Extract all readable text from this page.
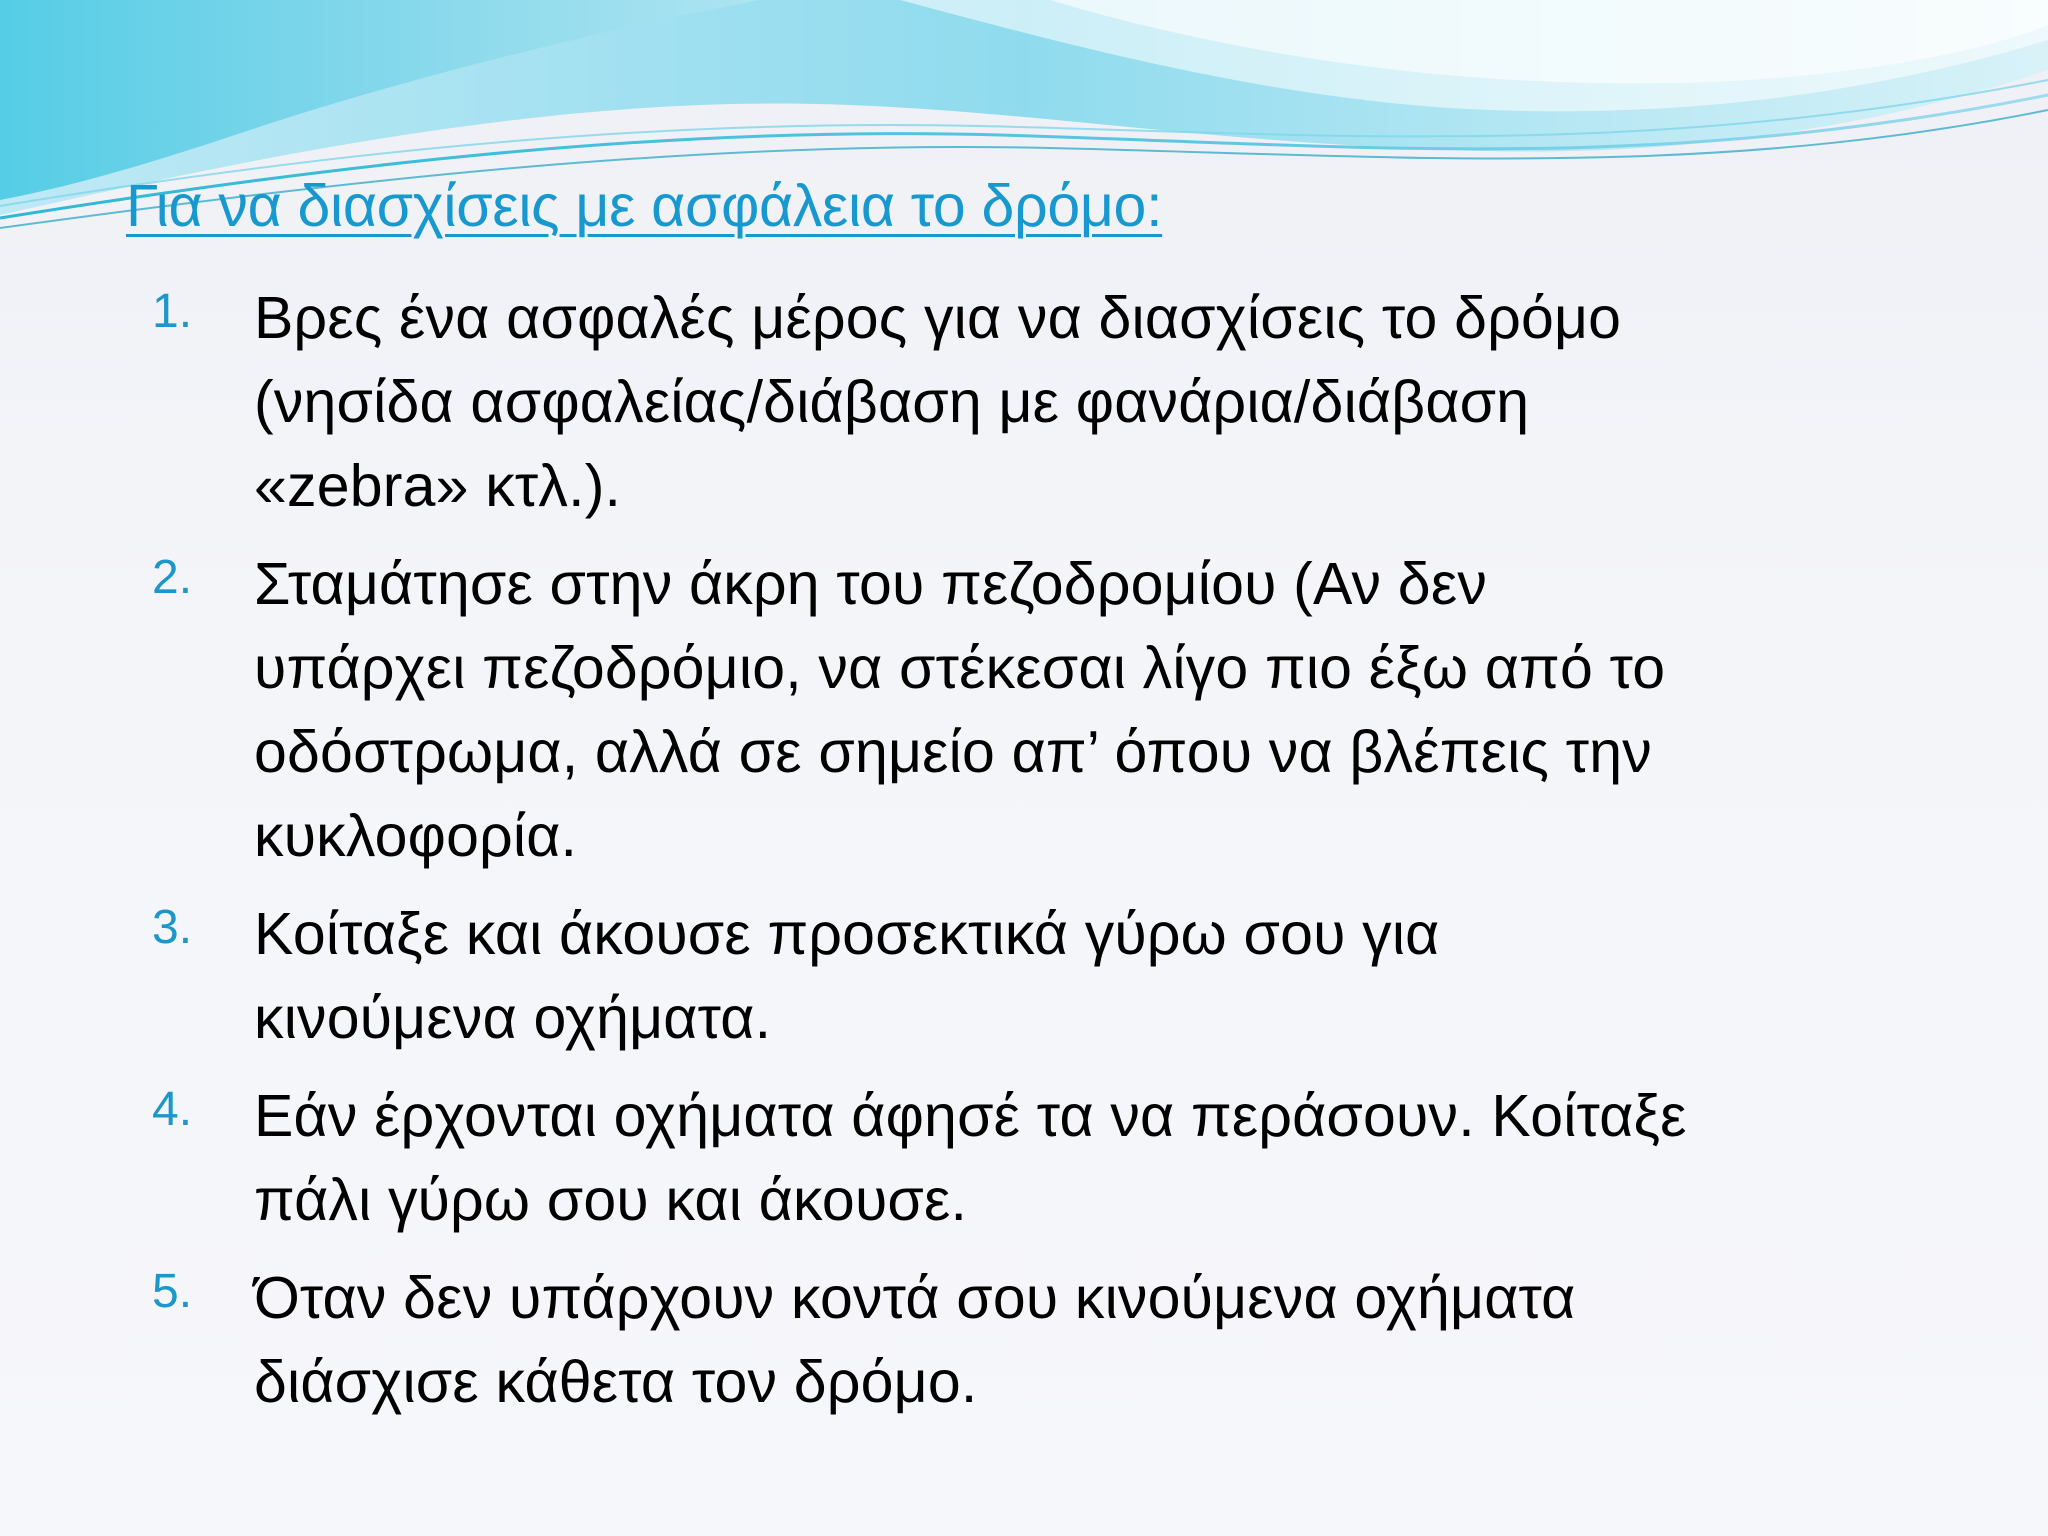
Για να διασχίσεις με ασφάλεια το δρόμο:
1. Βρες ένα ασφαλές μέρος για να διασχίσεις το δρόμο
(νησίδα ασφαλείας/διάβαση με φανάρια/διάβαση
«zebra» κτλ.).
2. Σταμάτησε στην άκρη του πεζοδρομίου (Αν δεν
υπάρχει πεζοδρόμιο, να στέκεσαι λίγο πιο έξω από το
οδόστρωμα, αλλά σε σημείο απ’ όπου να βλέπεις την
κυκλοφορία.
3. Κοίταξε και άκουσε προσεκτικά γύρω σου για
κινούμενα οχήματα.
4. Εάν έρχονται οχήματα άφησέ τα να περάσουν. Κοίταξε
πάλι γύρω σου και άκουσε.
5. Όταν δεν υπάρχουν κοντά σου κινούμενα οχήματα
διάσχισε κάθετα τον δρόμο.
